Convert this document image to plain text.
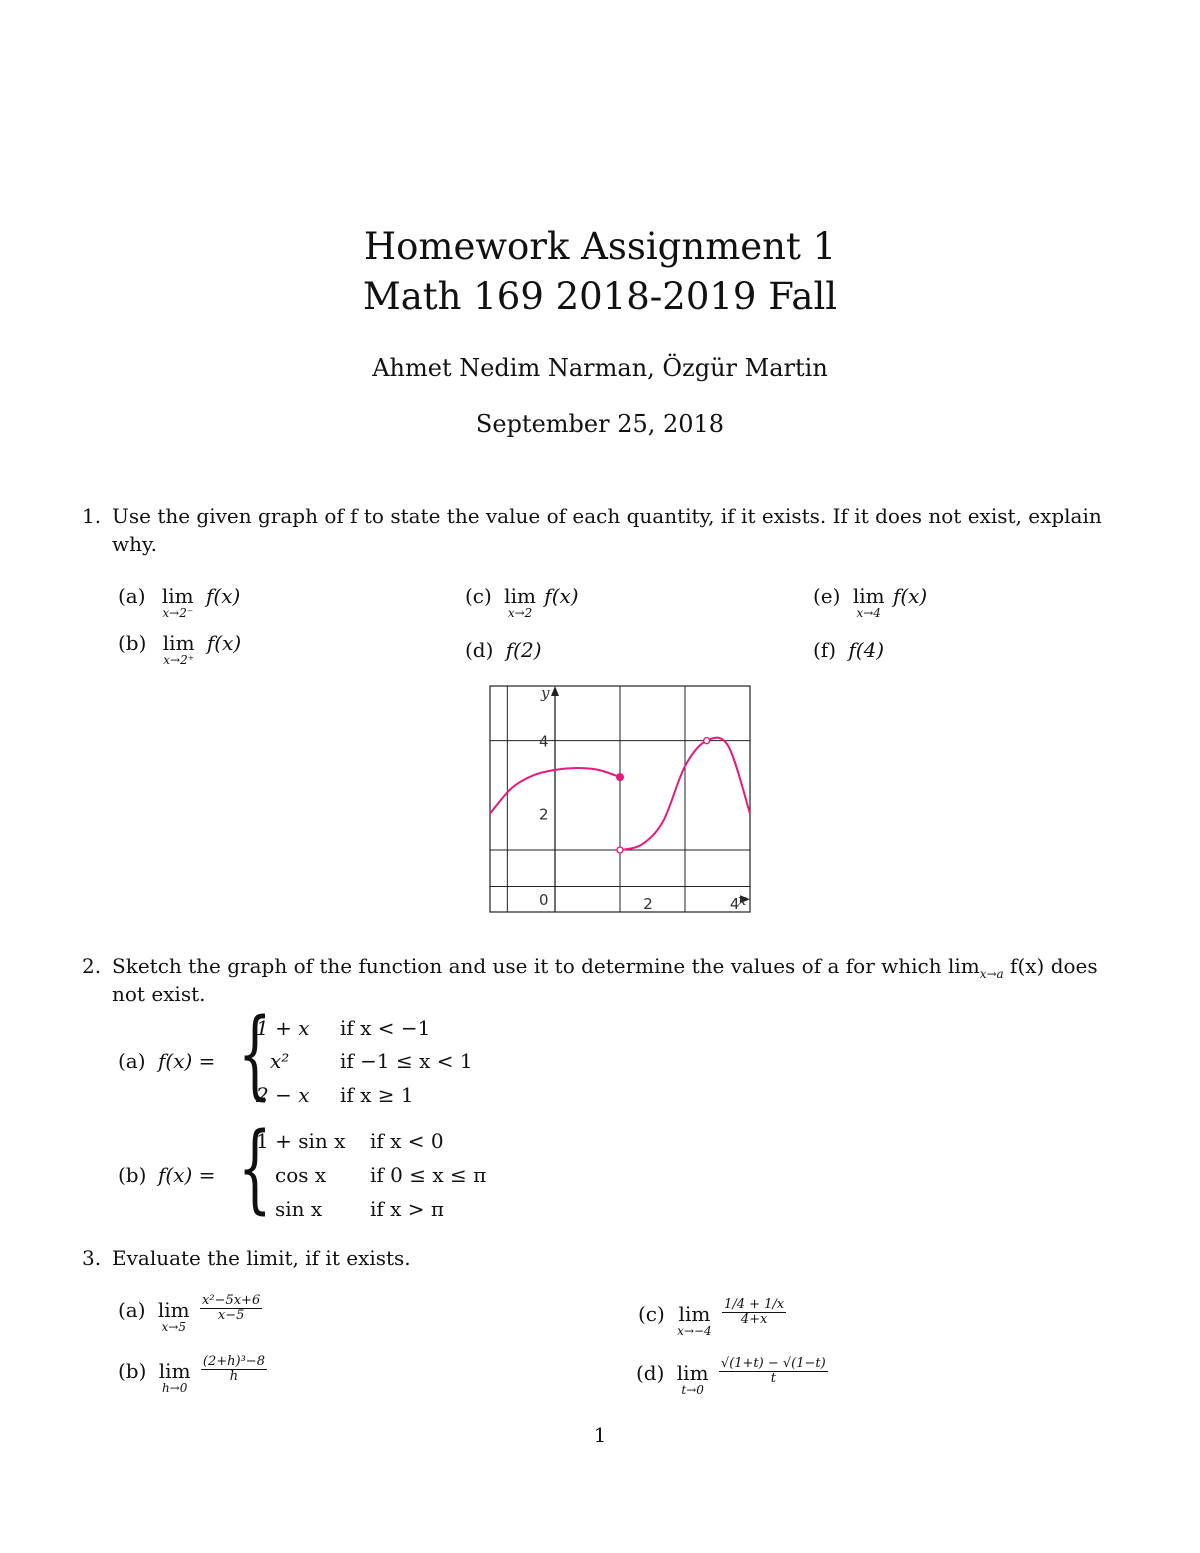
Homework Assignment 1
Math 169 2018-2019 Fall
Ahmet Nedim Narman, Özgür Martin
September 25, 2018
1. Use the given graph of f to state the value of each quantity, if it exists. If it does not exist, explain
why.
(a) lim
x→2⁻
f(x)
(b) lim
x→2⁺
f(x)
(c) lim
x→2
f(x)
(d) f(2)
(e) lim
x→4
f(x)
(f) f(4)
y
x
0	2	4
2
4
2. Sketch the graph of the function and use it to determine the values of a for which $\lim_{x\to a} f(x)$ does
not exist.
(a) f(x) = {
1 + x if x < −1
x²	if −1 ≤ x < 1
2 − x if x ≥ 1
(b) f(x) = {
1 + sin x if x < 0
cos x if 0 ≤ x ≤ π
sin x if x > π
3. Evaluate the limit, if it exists.
(a) lim
x→5

$\frac{\text{x²−5x+6}}{x-5}$
(b) lim
h→0

$\frac{\text{(2+h)³−8}}{h}$
(c) lim
x→−4

$\frac{1/4 + 1/x}{4+x}$
(d) lim
t→0

$\frac{√(1+t) - √(1-t)}{t}$
1
